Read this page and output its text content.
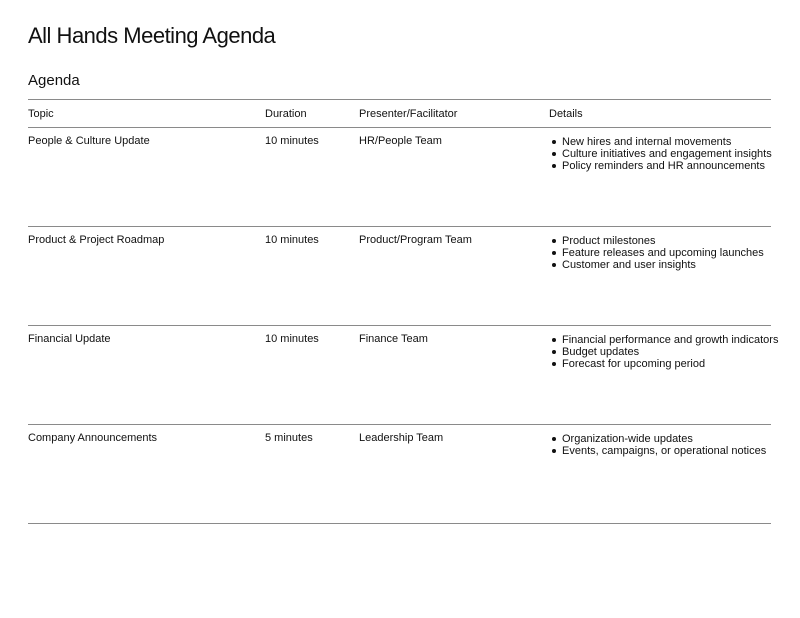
All Hands Meeting Agenda
Agenda
Topic	Duration	Presenter/Facilitator	Details
People & Culture Update	10 minutes	HR/People Team	New hires and internal movements
Culture initiatives and engagement insights
Policy reminders and HR announcements
Product & Project Roadmap	10 minutes	Product/Program Team	Product milestones
Feature releases and upcoming launches
Customer and user insights
Financial Update	10 minutes	Finance Team	Financial performance and growth indicators
Budget updates
Forecast for upcoming period
Company Announcements	5 minutes	Leadership Team	Organization-wide updates
Events, campaigns, or operational notices
